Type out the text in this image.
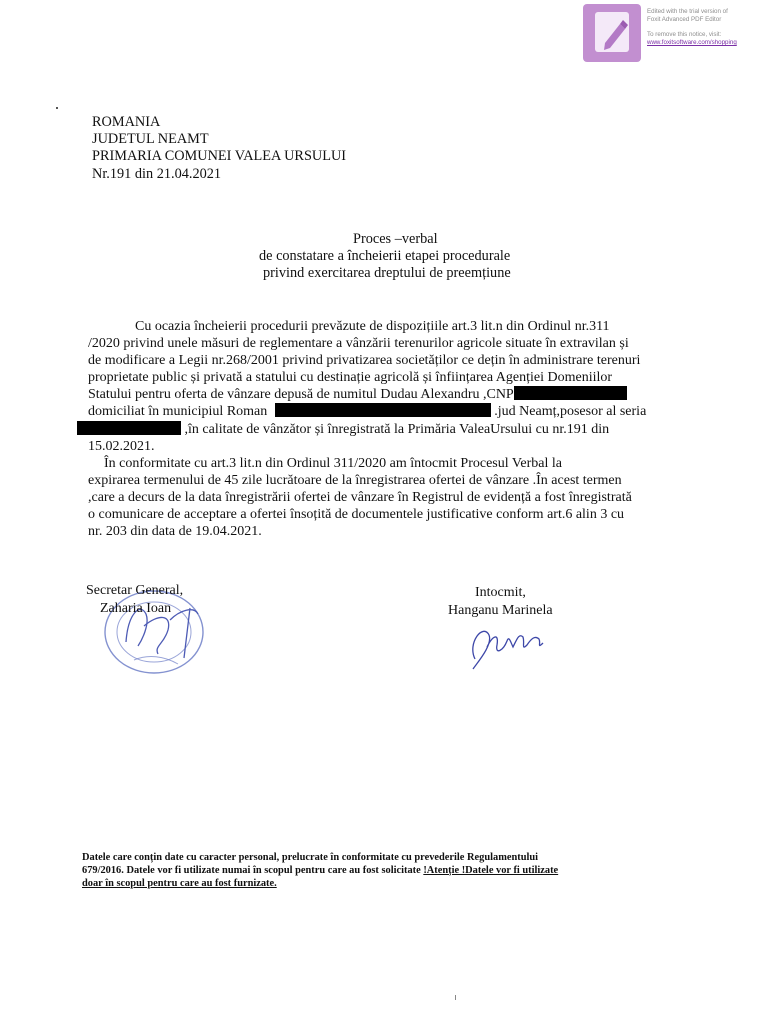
Edited with the trial version of
Foxit Advanced PDF Editor
To remove this notice, visit:
www.foxitsoftware.com/shopping
ROMANIA
JUDETUL NEAMT
PRIMARIA COMUNEI VALEA URSULUI
Nr.191 din 21.04.2021
Proces –verbal
de constatare a încheierii etapei procedurale
privind exercitarea dreptului de preemțiune
Cu ocazia încheierii procedurii prevăzute de dispozițiile art.3 lit.n din Ordinul nr.311
/2020 privind unele măsuri de reglementare a vânzării terenurilor agricole situate în extravilan și
de modificare a Legii nr.268/2001 privind privatizarea societăților ce dețin în administrare terenuri
proprietate public și privată a statului cu destinație agricolă și înființarea Agenției Domeniilor
Statului pentru oferta de vânzare depusă de numitul Dudau Alexandru ,CNP
domiciliat în municipiul Roman	.jud Neamț,posesor al seria
,în calitate de vânzător și înregistrată la Primăria ValeaUrsului cu nr.191 din
15.02.2021.
În conformitate cu art.3 lit.n din Ordinul 311/2020 am întocmit Procesul Verbal la
expirarea termenului de 45 zile lucrătoare de la înregistrarea ofertei de vânzare .În acest termen
,care a decurs de la data înregistrării ofertei de vânzare în Registrul de evidență a fost înregistrată
o comunicare de acceptare a ofertei însoțită de documentele justificative conform art.6 alin 3 cu
nr. 203 din data de 19.04.2021.
Secretar General,
Zaharia Ioan
Intocmit,
Hanganu Marinela
Datele care conțin date cu caracter personal, prelucrate în conformitate cu prevederile Regulamentului
679/2016. Datele vor fi utilizate numai în scopul pentru care au fost solicitate !Atenție !Datele vor fi utilizate
doar în scopul pentru care au fost furnizate.
